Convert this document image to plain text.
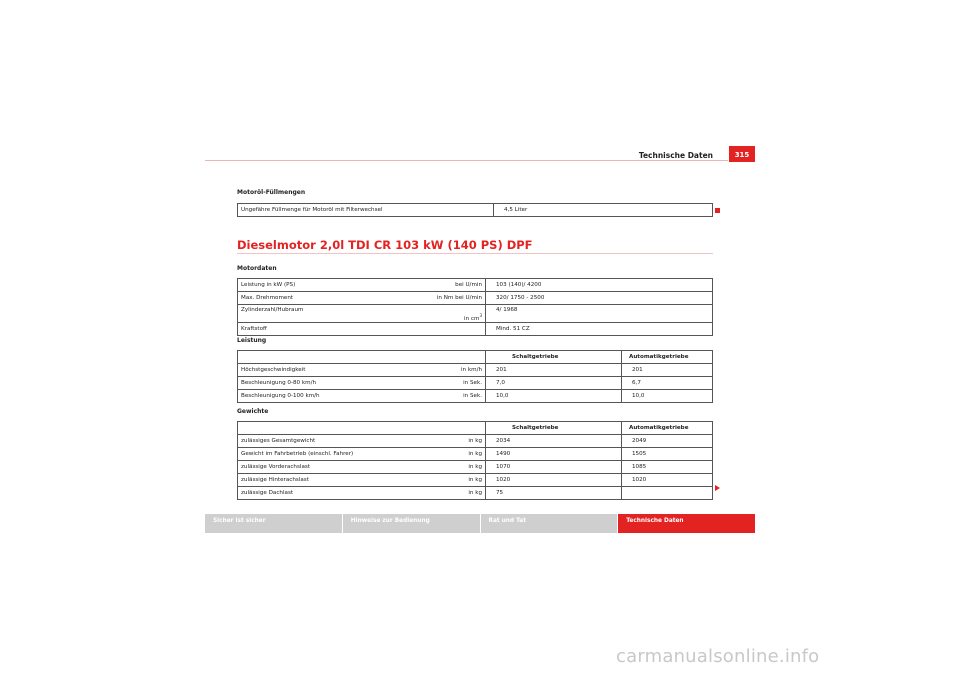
Technische Daten	315
Motoröl-Füllmengen
Ungefähre Füllmenge für Motoröl mit Filterwechsel	4,5 Liter
Dieselmotor 2,0l TDI CR 103 kW (140 PS) DPF
Motordaten
Leistung in kW (PS)	bei U/min	103 (140)/ 4200
Max. Drehmoment	in Nm bei U/min	320/ 1750 - 2500
Zylinderzahl/Hubraum	in $cm^3$	4/ 1968
Kraftstoff		Mind. 51 CZ
Leistung
		Schaltgetriebe	Automatikgetriebe
Höchstgeschwindigkeit	in km/h	201	201
Beschleunigung 0-80 km/h	in Sek.	7,0	6,7
Beschleunigung 0-100 km/h	in Sek.	10,0	10,0
Gewichte
		Schaltgetriebe	Automatikgetriebe
zulässiges Gesamtgewicht	in kg	2034	2049
Gewicht im Fahrbetrieb (einschl. Fahrer)	in kg	1490	1505
zulässige Vorderachslast	in kg	1070	1085
zulässige Hinterachslast	in kg	1020	1020
zulässige Dachlast	in kg	75	
Sicher ist sicher	Hinweise zur Bedienung	Rat und Tat	Technische Daten
carmanualsonline.info
